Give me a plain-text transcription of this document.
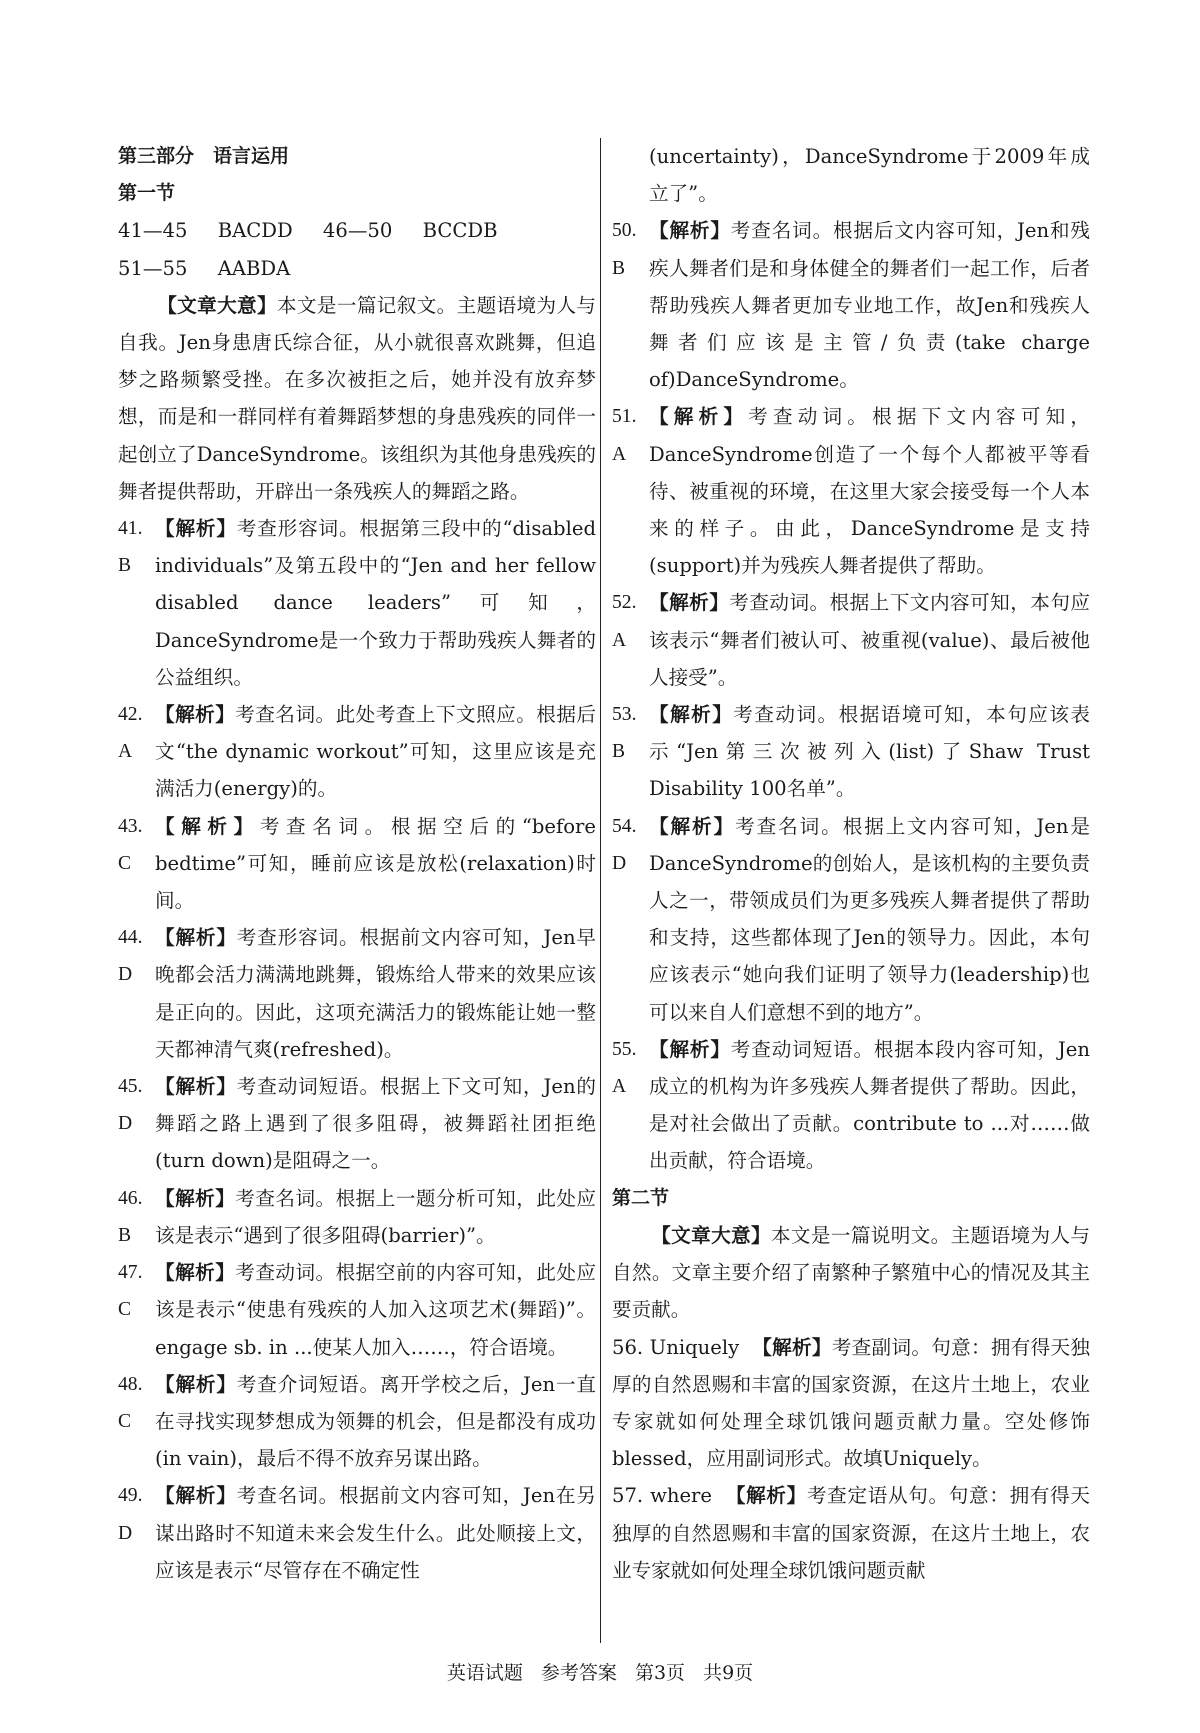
第三部分　语言运用
第一节
41—45 BACDD 46—50 BCCDB
51—55 AABDA
【文章大意】本文是一篇记叙文。主题语境为人与自我。Jen身患唐氏综合征，从小就很喜欢跳舞，但追梦之路频繁受挫。在多次被拒之后，她并没有放弃梦想，而是和一群同样有着舞蹈梦想的身患残疾的同伴一起创立了DanceSyndrome。该组织为其他身患残疾的舞者提供帮助，开辟出一条残疾人的舞蹈之路。
41. B
【解析】考查形容词。根据第三段中的“disabled individuals”及第五段中的“Jen and her fellow disabled dance leaders”可知，DanceSyndrome是一个致力于帮助残疾人舞者的公益组织。
42. A
【解析】考查名词。此处考查上下文照应。根据后文“the dynamic workout”可知，这里应该是充满活力(energy)的。
43. C
【解析】考查名词。根据空后的“before bedtime”可知，睡前应该是放松(relaxation)时间。
44. D
【解析】考查形容词。根据前文内容可知，Jen早晚都会活力满满地跳舞，锻炼给人带来的效果应该是正向的。因此，这项充满活力的锻炼能让她一整天都神清气爽(refreshed)。
45. D
【解析】考查动词短语。根据上下文可知，Jen的舞蹈之路上遇到了很多阻碍，被舞蹈社团拒绝(turn down)是阻碍之一。
46. B
【解析】考查名词。根据上一题分析可知，此处应该是表示“遇到了很多阻碍(barrier)”。
47. C
【解析】考查动词。根据空前的内容可知，此处应该是表示“使患有残疾的人加入这项艺术(舞蹈)”。engage sb. in ...使某人加入……，符合语境。
48. C
【解析】考查介词短语。离开学校之后，Jen一直在寻找实现梦想成为领舞的机会，但是都没有成功(in vain)，最后不得不放弃另谋出路。
49. D
【解析】考查名词。根据前文内容可知，Jen在另谋出路时不知道未来会发生什么。此处顺接上文，应该是表示“尽管存在不确定性
(uncertainty)，DanceSyndrome于2009年成立了”。
50. B
【解析】考查名词。根据后文内容可知，Jen和残疾人舞者们是和身体健全的舞者们一起工作，后者帮助残疾人舞者更加专业地工作，故Jen和残疾人舞者们应该是主管/负责(take charge of)DanceSyndrome。
51. A
【解析】考查动词。根据下文内容可知，DanceSyndrome创造了一个每个人都被平等看待、被重视的环境，在这里大家会接受每一个人本来的样子。由此，DanceSyndrome是支持(support)并为残疾人舞者提供了帮助。
52. A
【解析】考查动词。根据上下文内容可知，本句应该表示“舞者们被认可、被重视(value)、最后被他人接受”。
53. B
【解析】考查动词。根据语境可知，本句应该表示“Jen第三次被列入(list)了Shaw Trust Disability 100名单”。
54. D
【解析】考查名词。根据上文内容可知，Jen是DanceSyndrome的创始人，是该机构的主要负责人之一，带领成员们为更多残疾人舞者提供了帮助和支持，这些都体现了Jen的领导力。因此，本句应该表示“她向我们证明了领导力(leadership)也可以来自人们意想不到的地方”。
55. A
【解析】考查动词短语。根据本段内容可知，Jen成立的机构为许多残疾人舞者提供了帮助。因此，是对社会做出了贡献。contribute to ...对……做出贡献，符合语境。
第二节
【文章大意】本文是一篇说明文。主题语境为人与自然。文章主要介绍了南繁种子繁殖中心的情况及其主要贡献。
56. Uniquely 【解析】考查副词。句意：拥有得天独厚的自然恩赐和丰富的国家资源，在这片土地上，农业专家就如何处理全球饥饿问题贡献力量。空处修饰blessed，应用副词形式。故填Uniquely。
57. where 【解析】考查定语从句。句意：拥有得天独厚的自然恩赐和丰富的国家资源，在这片土地上，农业专家就如何处理全球饥饿问题贡献
英语试题 参考答案 第3页 共9页
